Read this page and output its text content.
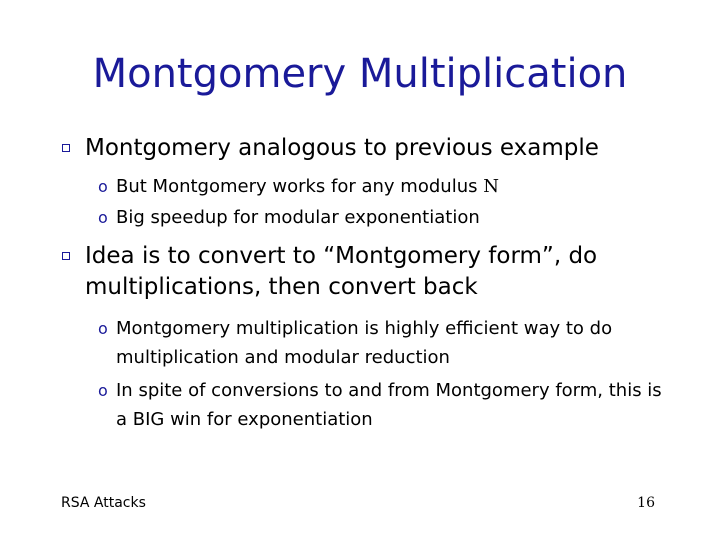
Montgomery Multiplication
Montgomery analogous to previous example
o But Montgomery works for any modulus N
o Big speedup for modular exponentiation
Idea is to convert to “Montgomery form”, do multiplications, then convert back
o Montgomery multiplication is highly efficient way to do multiplication and modular reduction
o In spite of conversions to and from Montgomery form, this is a BIG win for exponentiation
RSA Attacks	16
